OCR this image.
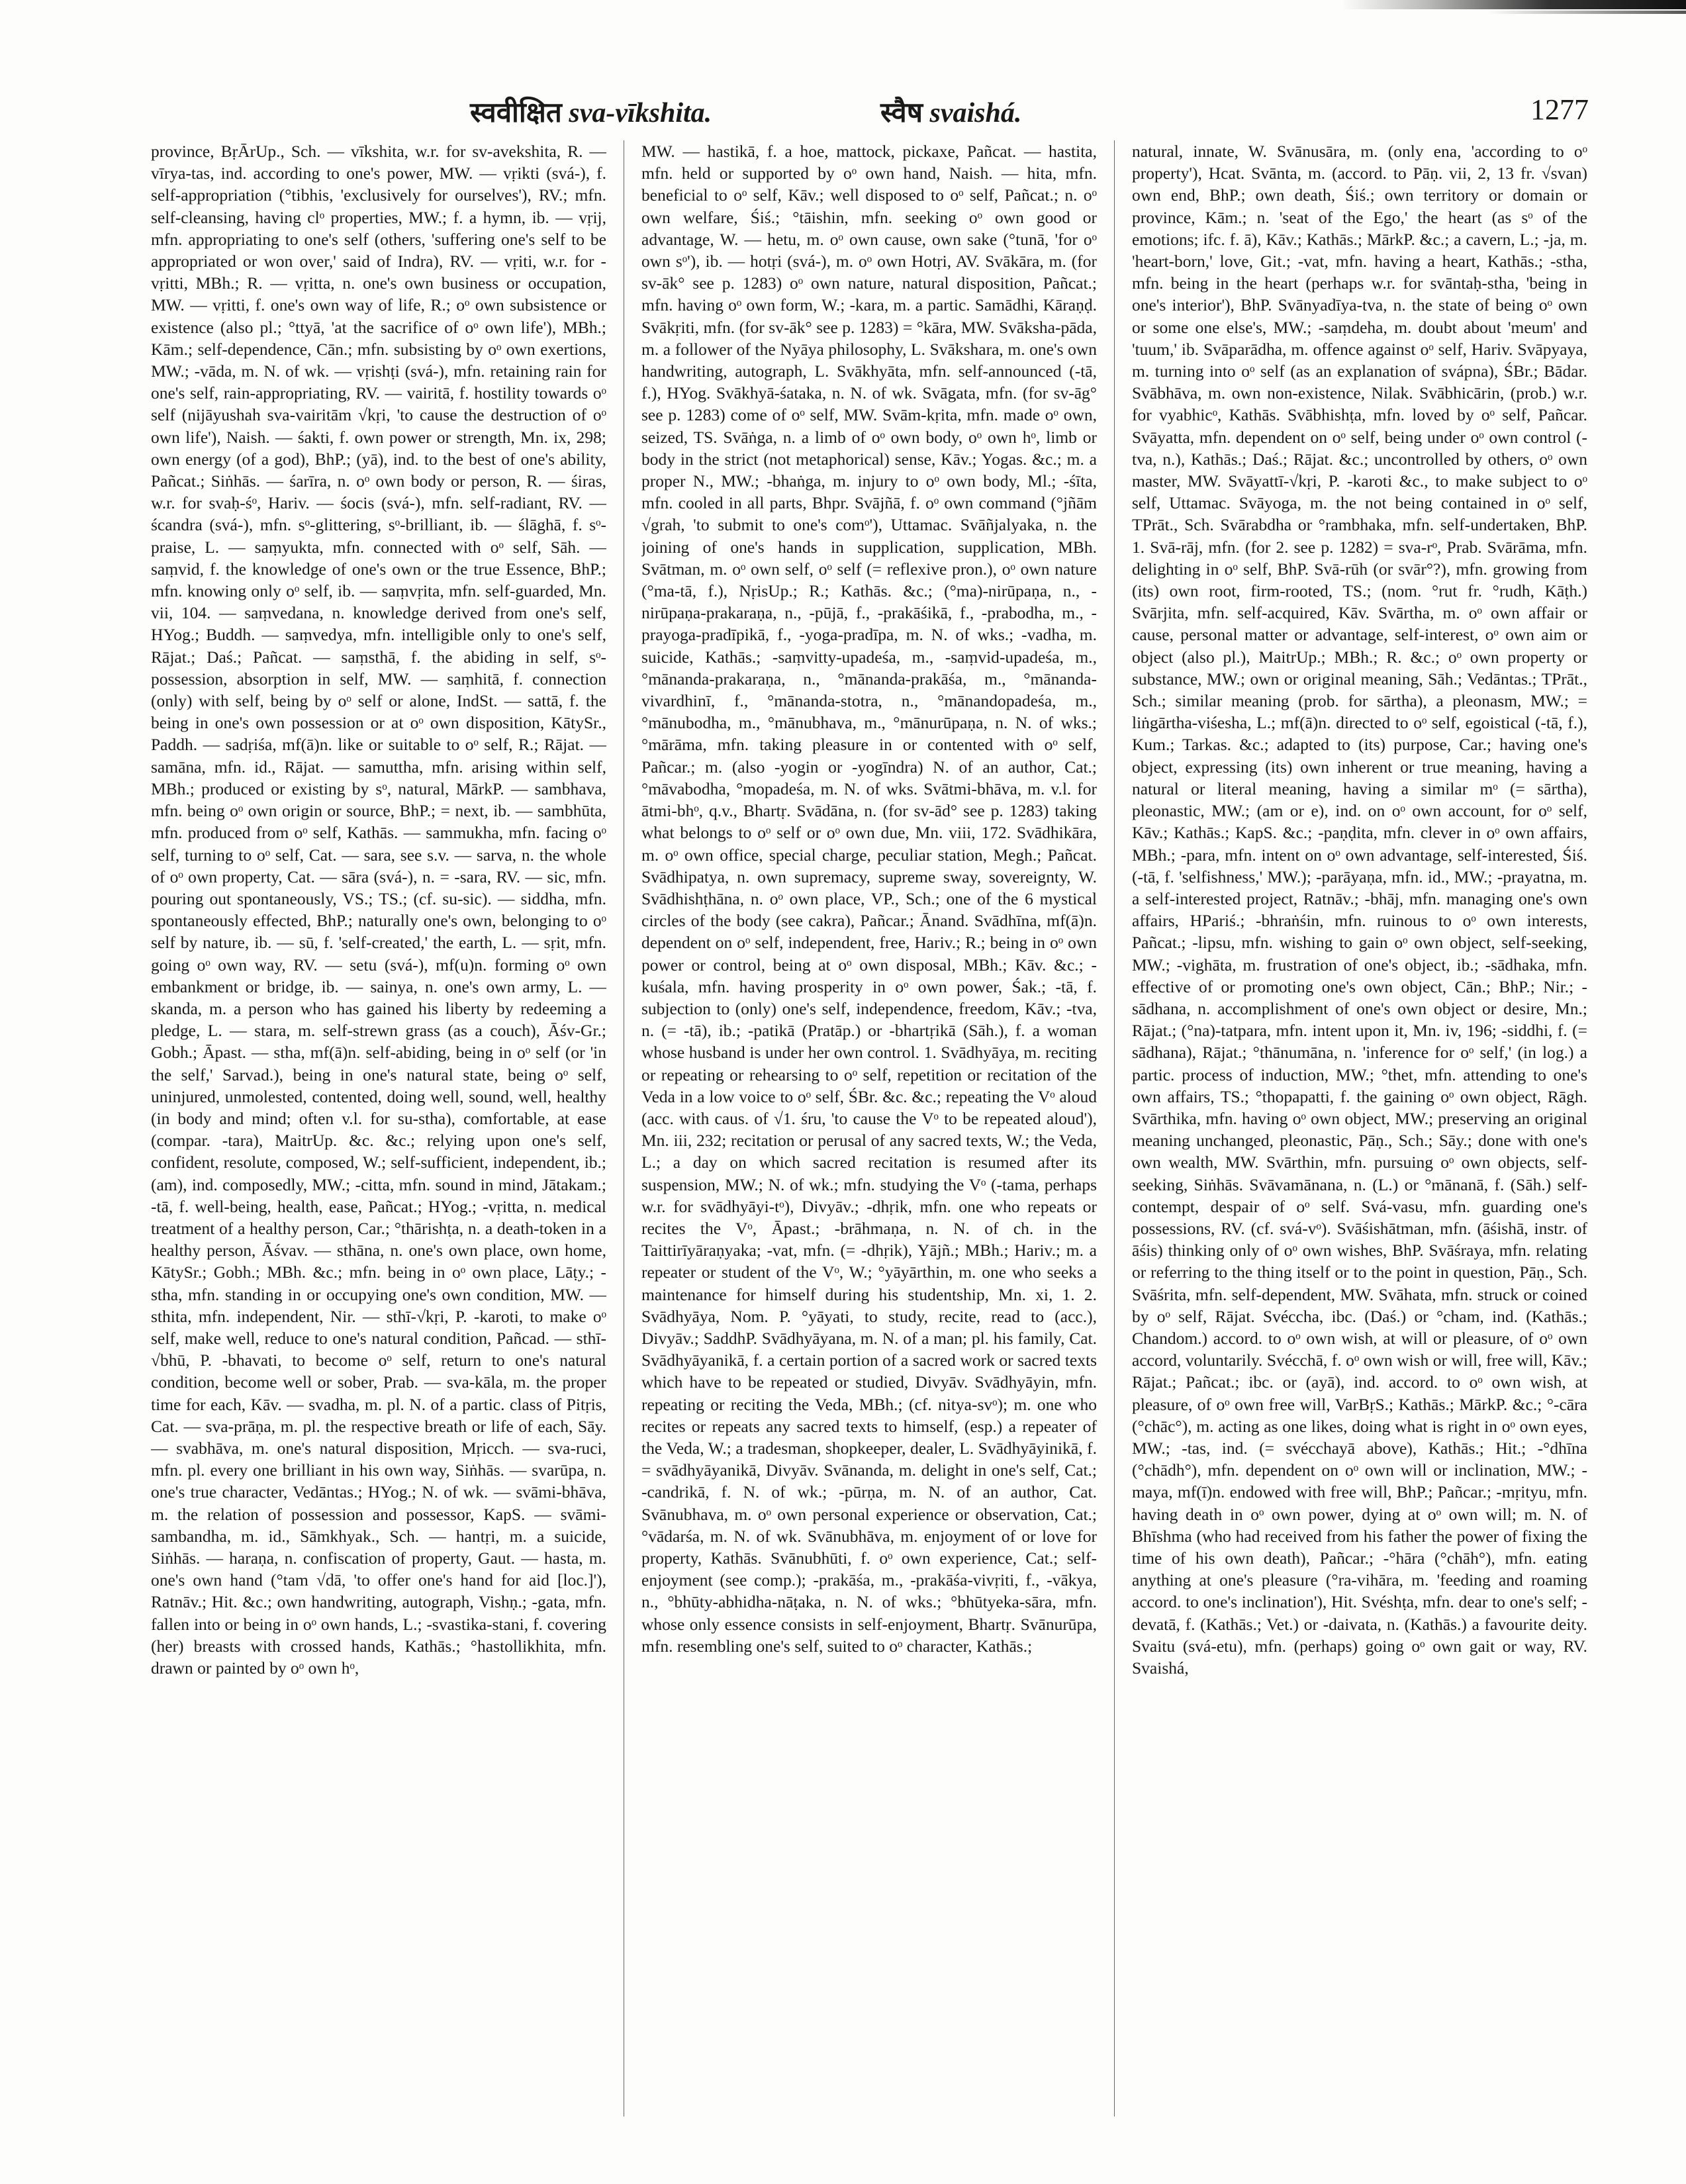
स्ववीक्षित sva-vīkshita.	स्वैष svaishá.	1277

province, BṛĀrUp., Sch. — vīkshita, w.r. for sv-avekshita, R. — vīrya-tas, ind. according to one's power, MW. — vṛikti (svá-), f. self-appropriation (°tibhis, 'exclusively for ourselves'), RV.; mfn. self-cleansing, having clᵒ properties, MW.; f. a hymn, ib. — vṛij, mfn. appropriating to one's self (others, 'suffering one's self to be appropriated or won over,' said of Indra), RV. — vṛiti, w.r. for -vṛitti, MBh.; R. — vṛitta, n. one's own business or occupation, MW. — vṛitti, f. one's own way of life, R.; oᵒ own subsistence or existence (also pl.; °ttyā, 'at the sacrifice of oᵒ own life'), MBh.; Kām.; self-dependence, Cān.; mfn. subsisting by oᵒ own exertions, MW.; -vāda, m. N. of wk. — vṛishṭi (svá-), mfn. retaining rain for one's self, rain-appropriating, RV. — vairitā, f. hostility towards oᵒ self (nijāyushah sva-vairitām √kṛi, 'to cause the destruction of oᵒ own life'), Naish. — śakti, f. own power or strength, Mn. ix, 298; own energy (of a god), BhP.; (yā), ind. to the best of one's ability, Pañcat.; Siṅhās. — śarīra, n. oᵒ own body or person, R. — śiras, w.r. for svaḥ-śᵒ, Hariv. — śocis (svá-), mfn. self-radiant, RV. — ścandra (svá-), mfn. sᵒ-glittering, sᵒ-brilliant, ib. — ślāghā, f. sᵒ-praise, L. — saṃyukta, mfn. connected with oᵒ self, Sāh. — saṃvid, f. the knowledge of one's own or the true Essence, BhP.; mfn. knowing only oᵒ self, ib. — saṃvṛita, mfn. self-guarded, Mn. vii, 104. — saṃvedana, n. knowledge derived from one's self, HYog.; Buddh. — saṃvedya, mfn. intelligible only to one's self, Rājat.; Daś.; Pañcat. — saṃsthā, f. the abiding in self, sᵒ-possession, absorption in self, MW. — saṃhitā, f. connection (only) with self, being by oᵒ self or alone, IndSt. — sattā, f. the being in one's own possession or at oᵒ own disposition, KātySr., Paddh. — sadṛiśa, mf(ā)n. like or suitable to oᵒ self, R.; Rājat. — samāna, mfn. id., Rājat. — samuttha, mfn. arising within self, MBh.; produced or existing by sᵒ, natural, MārkP. — sambhava, mfn. being oᵒ own origin or source, BhP.; = next, ib. — sambhūta, mfn. produced from oᵒ self, Kathās. — sammukha, mfn. facing oᵒ self, turning to oᵒ self, Cat. — sara, see s.v. — sarva, n. the whole of oᵒ own property, Cat. — sāra (svá-), n. = -sara, RV. — sic, mfn. pouring out spontaneously, VS.; TS.; (cf. su-sic). — siddha, mfn. spontaneously effected, BhP.; naturally one's own, belonging to oᵒ self by nature, ib. — sū, f. 'self-created,' the earth, L. — sṛit, mfn. going oᵒ own way, RV. — setu (svá-), mf(u)n. forming oᵒ own embankment or bridge, ib. — sainya, n. one's own army, L. — skanda, m. a person who has gained his liberty by redeeming a pledge, L. — stara, m. self-strewn grass (as a couch), Āśv-Gr.; Gobh.; Āpast. — stha, mf(ā)n. self-abiding, being in oᵒ self (or 'in the self,' Sarvad.), being in one's natural state, being oᵒ self, uninjured, unmolested, contented, doing well, sound, well, healthy (in body and mind; often v.l. for su-stha), comfortable, at ease (compar. -tara), MaitrUp. &c. &c.; relying upon one's self, confident, resolute, composed, W.; self-sufficient, independent, ib.; (am), ind. composedly, MW.; -citta, mfn. sound in mind, Jātakam.; -tā, f. well-being, health, ease, Pañcat.; HYog.; -vṛitta, n. medical treatment of a healthy person, Car.; °thārishṭa, n. a death-token in a healthy person, Āśvav. — sthāna, n. one's own place, own home, KātySr.; Gobh.; MBh. &c.; mfn. being in oᵒ own place, Lāṭy.; -stha, mfn. standing in or occupying one's own condition, MW. — sthita, mfn. independent, Nir. — sthī-√kṛi, P. -karoti, to make oᵒ self, make well, reduce to one's natural condition, Pañcad. — sthī-√bhū, P. -bhavati, to become oᵒ self, return to one's natural condition, become well or sober, Prab. — sva-kāla, m. the proper time for each, Kāv. — svadha, m. pl. N. of a partic. class of Pitṛis, Cat. — sva-prāṇa, m. pl. the respective breath or life of each, Sāy. — svabhāva, m. one's natural disposition, Mṛicch. — sva-ruci, mfn. pl. every one brilliant in his own way, Siṅhās. — svarūpa, n. one's true character, Vedāntas.; HYog.; N. of wk. — svāmi-bhāva, m. the relation of possession and possessor, KapS. — svāmi-sambandha, m. id., Sāmkhyak., Sch. — hantṛi, m. a suicide, Siṅhās. — haraṇa, n. confiscation of property, Gaut. — hasta, m. one's own hand (°tam √dā, 'to offer one's hand for aid [loc.]'), Ratnāv.; Hit. &c.; own handwriting, autograph, Vishṇ.; -gata, mfn. fallen into or being in oᵒ own hands, L.; -svastika-stani, f. covering (her) breasts with crossed hands, Kathās.; °hastollikhita, mfn. drawn or painted by oᵒ own hᵒ,

MW. — hastikā, f. a hoe, mattock, pickaxe, Pañcat. — hastita, mfn. held or supported by oᵒ own hand, Naish. — hita, mfn. beneficial to oᵒ self, Kāv.; well disposed to oᵒ self, Pañcat.; n. oᵒ own welfare, Śiś.; °tāishin, mfn. seeking oᵒ own good or advantage, W. — hetu, m. oᵒ own cause, own sake (°tunā, 'for oᵒ own sᵒ'), ib. — hotṛi (svá-), m. oᵒ own Hotṛi, AV. Svākāra, m. (for sv-āk° see p. 1283) oᵒ own nature, natural disposition, Pañcat.; mfn. having oᵒ own form, W.; -kara, m. a partic. Samādhi, Kāraṇḍ. Svākṛiti, mfn. (for sv-āk° see p. 1283) = °kāra, MW. Svāksha-pāda, m. a follower of the Nyāya philosophy, L. Svākshara, m. one's own handwriting, autograph, L. Svākhyāta, mfn. self-announced (-tā, f.), HYog. Svākhyā-śataka, n. N. of wk. Svāgata, mfn. (for sv-āg° see p. 1283) come of oᵒ self, MW. Svām-kṛita, mfn. made oᵒ own, seized, TS. Svāṅga, n. a limb of oᵒ own body, oᵒ own hᵒ, limb or body in the strict (not metaphorical) sense, Kāv.; Yogas. &c.; m. a proper N., MW.; -bhaṅga, m. injury to oᵒ own body, Ml.; -śīta, mfn. cooled in all parts, Bhpr. Svājñā, f. oᵒ own command (°jñām √grah, 'to submit to one's comᵒ'), Uttamac. Svāñjalyaka, n. the joining of one's hands in supplication, supplication, MBh. Svātman, m. oᵒ own self, oᵒ self (= reflexive pron.), oᵒ own nature (°ma-tā, f.), NṛisUp.; R.; Kathās. &c.; (°ma)-nirūpaṇa, n., -nirūpaṇa-prakaraṇa, n., -pūjā, f., -prakāśikā, f., -prabodha, m., -prayoga-pradīpikā, f., -yoga-pradīpa, m. N. of wks.; -vadha, m. suicide, Kathās.; -saṃvitty-upadeśa, m., -saṃvid-upadeśa, m., °mānanda-prakaraṇa, n., °mānanda-prakāśa, m., °mānanda-vivardhinī, f., °mānanda-stotra, n., °mānandopadeśa, m., °mānubodha, m., °mānubhava, m., °mānurūpaṇa, n. N. of wks.; °mārāma, mfn. taking pleasure in or contented with oᵒ self, Pañcar.; m. (also -yogin or -yogīndra) N. of an author, Cat.; °māvabodha, °mopadeśa, m. N. of wks. Svātmi-bhāva, m. v.l. for ātmi-bhᵒ, q.v., Bhartṛ. Svādāna, n. (for sv-ād° see p. 1283) taking what belongs to oᵒ self or oᵒ own due, Mn. viii, 172. Svādhikāra, m. oᵒ own office, special charge, peculiar station, Megh.; Pañcat. Svādhipatya, n. own supremacy, supreme sway, sovereignty, W. Svādhishṭhāna, n. oᵒ own place, VP., Sch.; one of the 6 mystical circles of the body (see cakra), Pañcar.; Ānand. Svādhīna, mf(ā)n. dependent on oᵒ self, independent, free, Hariv.; R.; being in oᵒ own power or control, being at oᵒ own disposal, MBh.; Kāv. &c.; -kuśala, mfn. having prosperity in oᵒ own power, Śak.; -tā, f. subjection to (only) one's self, independence, freedom, Kāv.; -tva, n. (= -tā), ib.; -patikā (Pratāp.) or -bhartṛikā (Sāh.), f. a woman whose husband is under her own control. 1. Svādhyāya, m. reciting or repeating or rehearsing to oᵒ self, repetition or recitation of the Veda in a low voice to oᵒ self, ŚBr. &c. &c.; repeating the Vᵒ aloud (acc. with caus. of √1. śru, 'to cause the Vᵒ to be repeated aloud'), Mn. iii, 232; recitation or perusal of any sacred texts, W.; the Veda, L.; a day on which sacred recitation is resumed after its suspension, MW.; N. of wk.; mfn. studying the Vᵒ (-tama, perhaps w.r. for svādhyāyi-tᵒ), Divyāv.; -dhṛik, mfn. one who repeats or recites the Vᵒ, Āpast.; -brāhmaṇa, n. N. of ch. in the Taittirīyāraṇyaka; -vat, mfn. (= -dhṛik), Yājñ.; MBh.; Hariv.; m. a repeater or student of the Vᵒ, W.; °yāyārthin, m. one who seeks a maintenance for himself during his studentship, Mn. xi, 1. 2. Svādhyāya, Nom. P. °yāyati, to study, recite, read to (acc.), Divyāv.; SaddhP. Svādhyāyana, m. N. of a man; pl. his family, Cat. Svādhyāyanikā, f. a certain portion of a sacred work or sacred texts which have to be repeated or studied, Divyāv. Svādhyāyin, mfn. repeating or reciting the Veda, MBh.; (cf. nitya-svᵒ); m. one who recites or repeats any sacred texts to himself, (esp.) a repeater of the Veda, W.; a tradesman, shopkeeper, dealer, L. Svādhyāyinikā, f. = svādhyāyanikā, Divyāv. Svānanda, m. delight in one's self, Cat.; -candrikā, f. N. of wk.; -pūrṇa, m. N. of an author, Cat. Svānubhava, m. oᵒ own personal experience or observation, Cat.; °vādarśa, m. N. of wk. Svānubhāva, m. enjoyment of or love for property, Kathās. Svānubhūti, f. oᵒ own experience, Cat.; self-enjoyment (see comp.); -prakāśa, m., -prakāśa-vivṛiti, f., -vākya, n., °bhūty-abhidha-nāṭaka, n. N. of wks.; °bhūtyeka-sāra, mfn. whose only essence consists in self-enjoyment, Bhartṛ. Svānurūpa, mfn. resembling one's self, suited to oᵒ character, Kathās.;

natural, innate, W. Svānusāra, m. (only ena, 'according to oᵒ property'), Hcat. Svānta, m. (accord. to Pāṇ. vii, 2, 13 fr. √svan) own end, BhP.; own death, Śiś.; own territory or domain or province, Kām.; n. 'seat of the Ego,' the heart (as sᵒ of the emotions; ifc. f. ā), Kāv.; Kathās.; MārkP. &c.; a cavern, L.; -ja, m. 'heart-born,' love, Git.; -vat, mfn. having a heart, Kathās.; -stha, mfn. being in the heart (perhaps w.r. for svāntaḥ-stha, 'being in one's interior'), BhP. Svānyadīya-tva, n. the state of being oᵒ own or some one else's, MW.; -saṃdeha, m. doubt about 'meum' and 'tuum,' ib. Svāparādha, m. offence against oᵒ self, Hariv. Svāpyaya, m. turning into oᵒ self (as an explanation of svápna), ŚBr.; Bādar. Svābhāva, m. own non-existence, Nilak. Svābhicārin, (prob.) w.r. for vyabhicᵒ, Kathās. Svābhishṭa, mfn. loved by oᵒ self, Pañcar. Svāyatta, mfn. dependent on oᵒ self, being under oᵒ own control (-tva, n.), Kathās.; Daś.; Rājat. &c.; uncontrolled by others, oᵒ own master, MW. Svāyattī-√kṛi, P. -karoti &c., to make subject to oᵒ self, Uttamac. Svāyoga, m. the not being contained in oᵒ self, TPrāt., Sch. Svārabdha or °rambhaka, mfn. self-undertaken, BhP. 1. Svā-rāj, mfn. (for 2. see p. 1282) = sva-rᵒ, Prab. Svārāma, mfn. delighting in oᵒ self, BhP. Svā-rūh (or svār°?), mfn. growing from (its) own root, firm-rooted, TS.; (nom. °rut fr. °rudh, Kāṭh.) Svārjita, mfn. self-acquired, Kāv. Svārtha, m. oᵒ own affair or cause, personal matter or advantage, self-interest, oᵒ own aim or object (also pl.), MaitrUp.; MBh.; R. &c.; oᵒ own property or substance, MW.; own or original meaning, Sāh.; Vedāntas.; TPrāt., Sch.; similar meaning (prob. for sārtha), a pleonasm, MW.; = liṅgārtha-viśesha, L.; mf(ā)n. directed to oᵒ self, egoistical (-tā, f.), Kum.; Tarkas. &c.; adapted to (its) purpose, Car.; having one's object, expressing (its) own inherent or true meaning, having a natural or literal meaning, having a similar mᵒ (= sārtha), pleonastic, MW.; (am or e), ind. on oᵒ own account, for oᵒ self, Kāv.; Kathās.; KapS. &c.; -paṇḍita, mfn. clever in oᵒ own affairs, MBh.; -para, mfn. intent on oᵒ own advantage, self-interested, Śiś. (-tā, f. 'selfishness,' MW.); -parāyaṇa, mfn. id., MW.; -prayatna, m. a self-interested project, Ratnāv.; -bhāj, mfn. managing one's own affairs, HPariś.; -bhraṅśin, mfn. ruinous to oᵒ own interests, Pañcat.; -lipsu, mfn. wishing to gain oᵒ own object, self-seeking, MW.; -vighāta, m. frustration of one's object, ib.; -sādhaka, mfn. effective of or promoting one's own object, Cān.; BhP.; Nir.; -sādhana, n. accomplishment of one's own object or desire, Mn.; Rājat.; (°na)-tatpara, mfn. intent upon it, Mn. iv, 196; -siddhi, f. (= sādhana), Rājat.; °thānumāna, n. 'inference for oᵒ self,' (in log.) a partic. process of induction, MW.; °thet, mfn. attending to one's own affairs, TS.; °thopapatti, f. the gaining oᵒ own object, Rāgh. Svārthika, mfn. having oᵒ own object, MW.; preserving an original meaning unchanged, pleonastic, Pāṇ., Sch.; Sāy.; done with one's own wealth, MW. Svārthin, mfn. pursuing oᵒ own objects, self-seeking, Siṅhās. Svāvamānana, n. (L.) or °mānanā, f. (Sāh.) self-contempt, despair of oᵒ self. Svá-vasu, mfn. guarding one's possessions, RV. (cf. svá-vᵒ). Svāśishātman, mfn. (āśishā, instr. of āśis) thinking only of oᵒ own wishes, BhP. Svāśraya, mfn. relating or referring to the thing itself or to the point in question, Pāṇ., Sch. Svāśrita, mfn. self-dependent, MW. Svāhata, mfn. struck or coined by oᵒ self, Rājat. Svéccha, ibc. (Daś.) or °cham, ind. (Kathās.; Chandom.) accord. to oᵒ own wish, at will or pleasure, of oᵒ own accord, voluntarily. Svécchā, f. oᵒ own wish or will, free will, Kāv.; Rājat.; Pañcat.; ibc. or (ayā), ind. accord. to oᵒ own wish, at pleasure, of oᵒ own free will, VarBṛS.; Kathās.; MārkP. &c.; °-cāra (°chāc°), m. acting as one likes, doing what is right in oᵒ own eyes, MW.; -tas, ind. (= svécchayā above), Kathās.; Hit.; -°dhīna (°chādh°), mfn. dependent on oᵒ own will or inclination, MW.; -maya, mf(ī)n. endowed with free will, BhP.; Pañcar.; -mṛityu, mfn. having death in oᵒ own power, dying at oᵒ own will; m. N. of Bhīshma (who had received from his father the power of fixing the time of his own death), Pañcar.; -°hāra (°chāh°), mfn. eating anything at one's pleasure (°ra-vihāra, m. 'feeding and roaming accord. to one's inclination'), Hit. Svéshṭa, mfn. dear to one's self; -devatā, f. (Kathās.; Vet.) or -daivata, n. (Kathās.) a favourite deity. Svaitu (svá-etu), mfn. (perhaps) going oᵒ own gait or way, RV. Svaishá,
